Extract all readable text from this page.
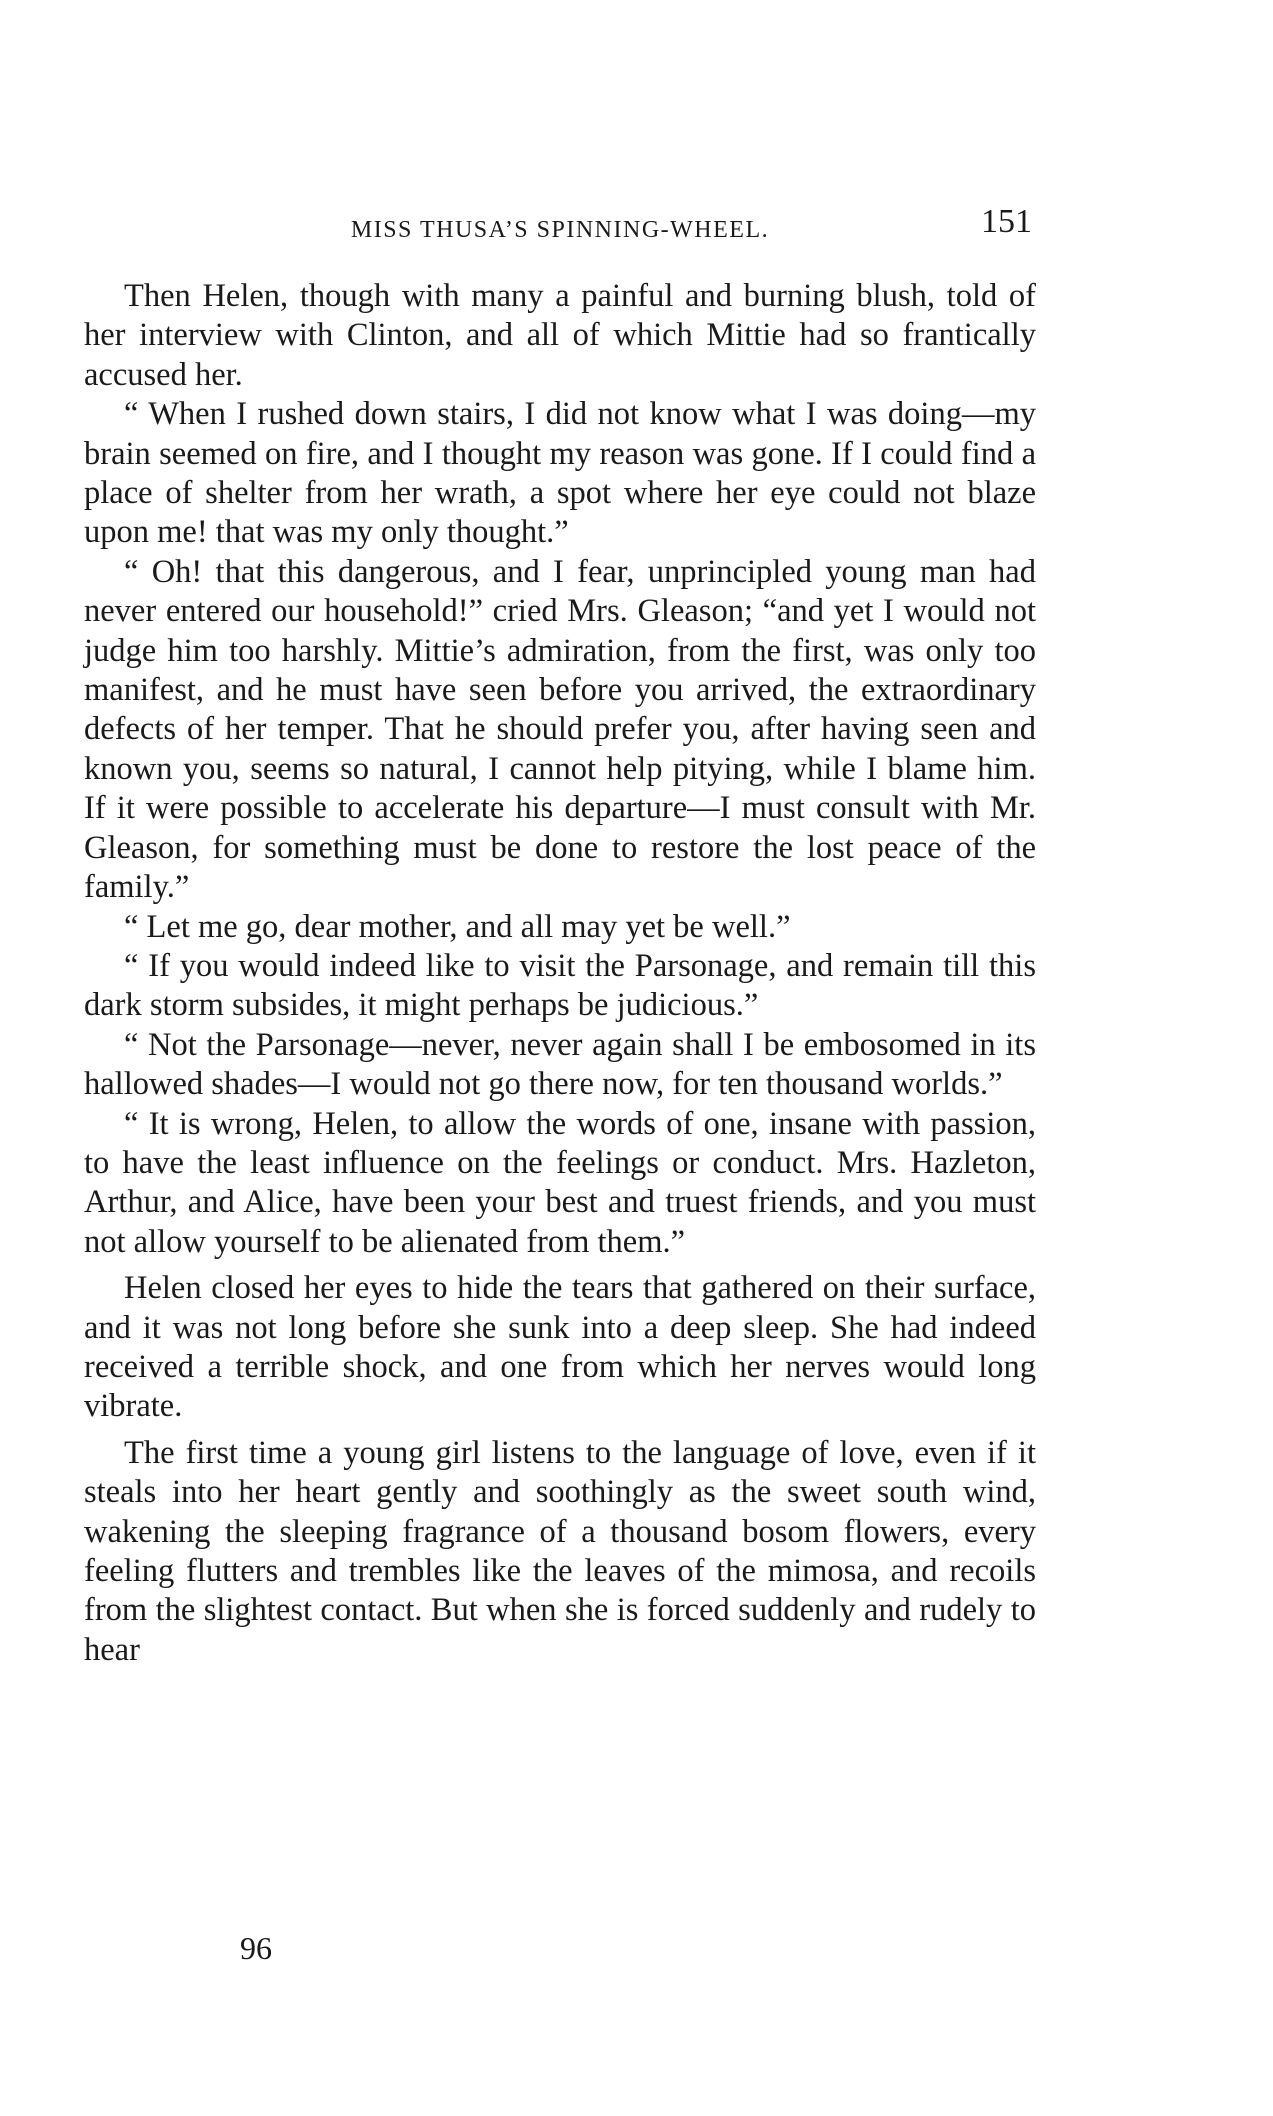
MISS THUSA’S SPINNING-WHEEL.	151

Then Helen, though with many a painful and burning blush, told of her interview with Clinton, and all of which Mittie had so frantically accused her.

“ When I rushed down stairs, I did not know what I was doing—my brain seemed on fire, and I thought my reason was gone. If I could find a place of shelter from her wrath, a spot where her eye could not blaze upon me! that was my only thought.”

“ Oh! that this dangerous, and I fear, unprincipled young man had never entered our household!” cried Mrs. Gleason; “and yet I would not judge him too harshly. Mittie’s admiration, from the first, was only too manifest, and he must have seen before you arrived, the extraordinary defects of her temper. That he should prefer you, after having seen and known you, seems so natural, I cannot help pitying, while I blame him. If it were possible to accelerate his departure—I must consult with Mr. Gleason, for something must be done to restore the lost peace of the family.”

“ Let me go, dear mother, and all may yet be well.”

“ If you would indeed like to visit the Parsonage, and remain till this dark storm subsides, it might perhaps be judicious.”

“ Not the Parsonage—never, never again shall I be embosomed in its hallowed shades—I would not go there now, for ten thousand worlds.”

“ It is wrong, Helen, to allow the words of one, insane with passion, to have the least influence on the feelings or conduct. Mrs. Hazleton, Arthur, and Alice, have been your best and truest friends, and you must not allow yourself to be alienated from them.”

Helen closed her eyes to hide the tears that gathered on their surface, and it was not long before she sunk into a deep sleep. She had indeed received a terrible shock, and one from which her nerves would long vibrate.

The first time a young girl listens to the language of love, even if it steals into her heart gently and soothingly as the sweet south wind, wakening the sleeping fragrance of a thousand bosom flowers, every feeling flutters and trembles like the leaves of the mimosa, and recoils from the slightest contact. But when she is forced suddenly and rudely to hear

96
